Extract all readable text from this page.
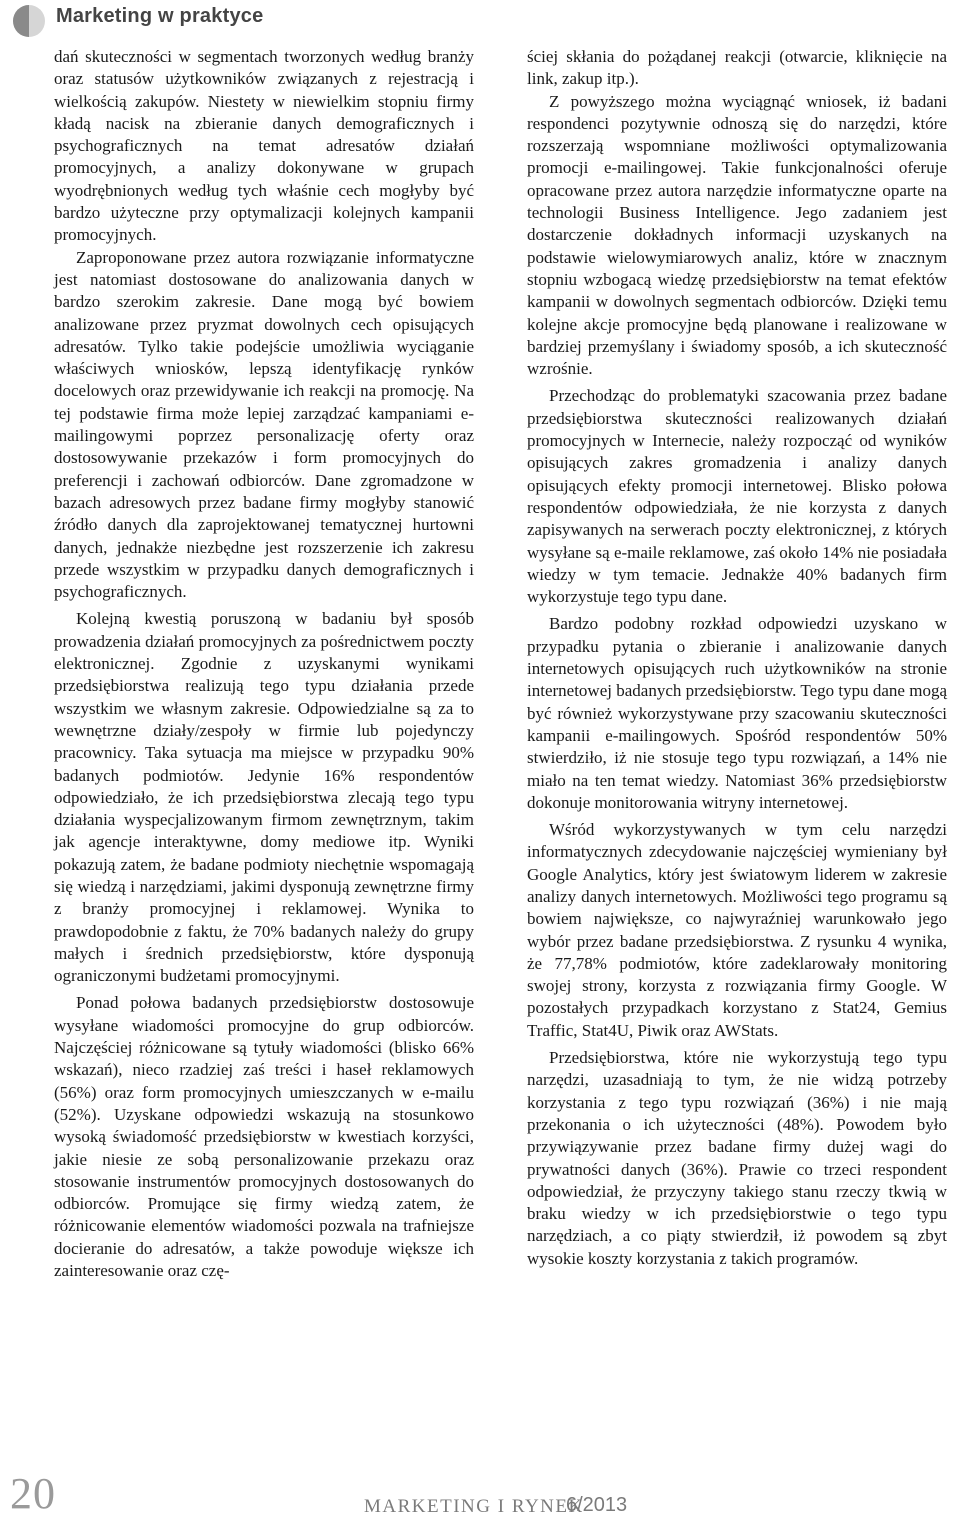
Marketing w praktyce

dań skuteczności w segmentach tworzonych według branży oraz statusów użytkowników związanych z rejestracją i wielkością zakupów. Niestety w niewielkim stopniu firmy kładą nacisk na zbieranie danych demograficznych i psychograficznych na temat adresatów działań promocyjnych, a analizy dokonywane w grupach wyodrębnionych według tych właśnie cech mogłyby być bardzo użyteczne przy optymalizacji kolejnych kampanii promocyjnych.

Zaproponowane przez autora rozwiązanie informatyczne jest natomiast dostosowane do analizowania danych w bardzo szerokim zakresie. Dane mogą być bowiem analizowane przez pryzmat dowolnych cech opisujących adresatów. Tylko takie podejście umożliwia wyciąganie właściwych wniosków, lepszą identyfikację rynków docelowych oraz przewidywanie ich reakcji na promocję. Na tej podstawie firma może lepiej zarządzać kampaniami e-mailingowymi poprzez personalizację oferty oraz dostosowywanie przekazów i form promocyjnych do preferencji i zachowań odbiorców. Dane zgromadzone w bazach adresowych przez badane firmy mogłyby stanowić źródło danych dla zaprojektowanej tematycznej hurtowni danych, jednakże niezbędne jest rozszerzenie ich zakresu przede wszystkim w przypadku danych demograficznych i psychograficznych.

Kolejną kwestią poruszoną w badaniu był sposób prowadzenia działań promocyjnych za pośrednictwem poczty elektronicznej. Zgodnie z uzyskanymi wynikami przedsiębiorstwa realizują tego typu działania przede wszystkim we własnym zakresie. Odpowiedzialne są za to wewnętrzne działy/zespoły w firmie lub pojedynczy pracownicy. Taka sytuacja ma miejsce w przypadku 90% badanych podmiotów. Jedynie 16% respondentów odpowiedziało, że ich przedsiębiorstwa zlecają tego typu działania wyspecjalizowanym firmom zewnętrznym, takim jak agencje interaktywne, domy mediowe itp. Wyniki pokazują zatem, że badane podmioty niechętnie wspomagają się wiedzą i narzędziami, jakimi dysponują zewnętrzne firmy z branży promocyjnej i reklamowej. Wynika to prawdopodobnie z faktu, że 70% badanych należy do grupy małych i średnich przedsiębiorstw, które dysponują ograniczonymi budżetami promocyjnymi.

Ponad połowa badanych przedsiębiorstw dostosowuje wysyłane wiadomości promocyjne do grup odbiorców. Najczęściej różnicowane są tytuły wiadomości (blisko 66% wskazań), nieco rzadziej zaś treści i haseł reklamowych (56%) oraz form promocyjnych umieszczanych w e-mailu (52%). Uzyskane odpowiedzi wskazują na stosunkowo wysoką świadomość przedsiębiorstw w kwestiach korzyści, jakie niesie ze sobą personalizowanie przekazu oraz stosowanie instrumentów promocyjnych dostosowanych do odbiorców. Promujące się firmy wiedzą zatem, że różnicowanie elementów wiadomości pozwala na trafniejsze docieranie do adresatów, a także powoduje większe ich zainteresowanie oraz czę-

ściej skłania do pożądanej reakcji (otwarcie, kliknięcie na link, zakup itp.).

Z powyższego można wyciągnąć wniosek, iż badani respondenci pozytywnie odnoszą się do narzędzi, które rozszerzają wspomniane możliwości optymalizowania promocji e-mailingowej. Takie funkcjonalności oferuje opracowane przez autora narzędzie informatyczne oparte na technologii Business Intelligence. Jego zadaniem jest dostarczenie dokładnych informacji uzyskanych na podstawie wielowymiarowych analiz, które w znacznym stopniu wzbogacą wiedzę przedsiębiorstw na temat efektów kampanii w dowolnych segmentach odbiorców. Dzięki temu kolejne akcje promocyjne będą planowane i realizowane w bardziej przemyślany i świadomy sposób, a ich skuteczność wzrośnie.

Przechodząc do problematyki szacowania przez badane przedsiębiorstwa skuteczności realizowanych działań promocyjnych w Internecie, należy rozpocząć od wyników opisujących zakres gromadzenia i analizy danych opisujących efekty promocji internetowej. Blisko połowa respondentów odpowiedziała, że nie korzysta z danych zapisywanych na serwerach poczty elektronicznej, z których wysyłane są e-maile reklamowe, zaś około 14% nie posiadała wiedzy w tym temacie. Jednakże 40% badanych firm wykorzystuje tego typu dane.

Bardzo podobny rozkład odpowiedzi uzyskano w przypadku pytania o zbieranie i analizowanie danych internetowych opisujących ruch użytkowników na stronie internetowej badanych przedsiębiorstw. Tego typu dane mogą być również wykorzystywane przy szacowaniu skuteczności kampanii e-mailingowych. Spośród respondentów 50% stwierdziło, iż nie stosuje tego typu rozwiązań, a 14% nie miało na ten temat wiedzy. Natomiast 36% przedsiębiorstw dokonuje monitorowania witryny internetowej.

Wśród wykorzystywanych w tym celu narzędzi informatycznych zdecydowanie najczęściej wymieniany był Google Analytics, który jest światowym liderem w zakresie analizy danych internetowych. Możliwości tego programu są bowiem największe, co najwyraźniej warunkowało jego wybór przez badane przedsiębiorstwa. Z rysunku 4 wynika, że 77,78% podmiotów, które zadeklarowały monitoring swojej strony, korzysta z rozwiązania firmy Google. W pozostałych przypadkach korzystano z Stat24, Gemius Traffic, Stat4U, Piwik oraz AWStats.

Przedsiębiorstwa, które nie wykorzystują tego typu narzędzi, uzasadniają to tym, że nie widzą potrzeby korzystania z tego typu rozwiązań (36%) i nie mają przekonania o ich użyteczności (48%). Powodem było przywiązywanie przez badane firmy dużej wagi do prywatności danych (36%). Prawie co trzeci respondent odpowiedział, że przyczyny takiego stanu rzeczy tkwią w braku wiedzy w ich przedsiębiorstwie o tego typu narzędziach, a co piąty stwierdził, iż powodem są zbyt wysokie koszty korzystania z takich programów.

20	MARKETING I RYNEK
6/2013
